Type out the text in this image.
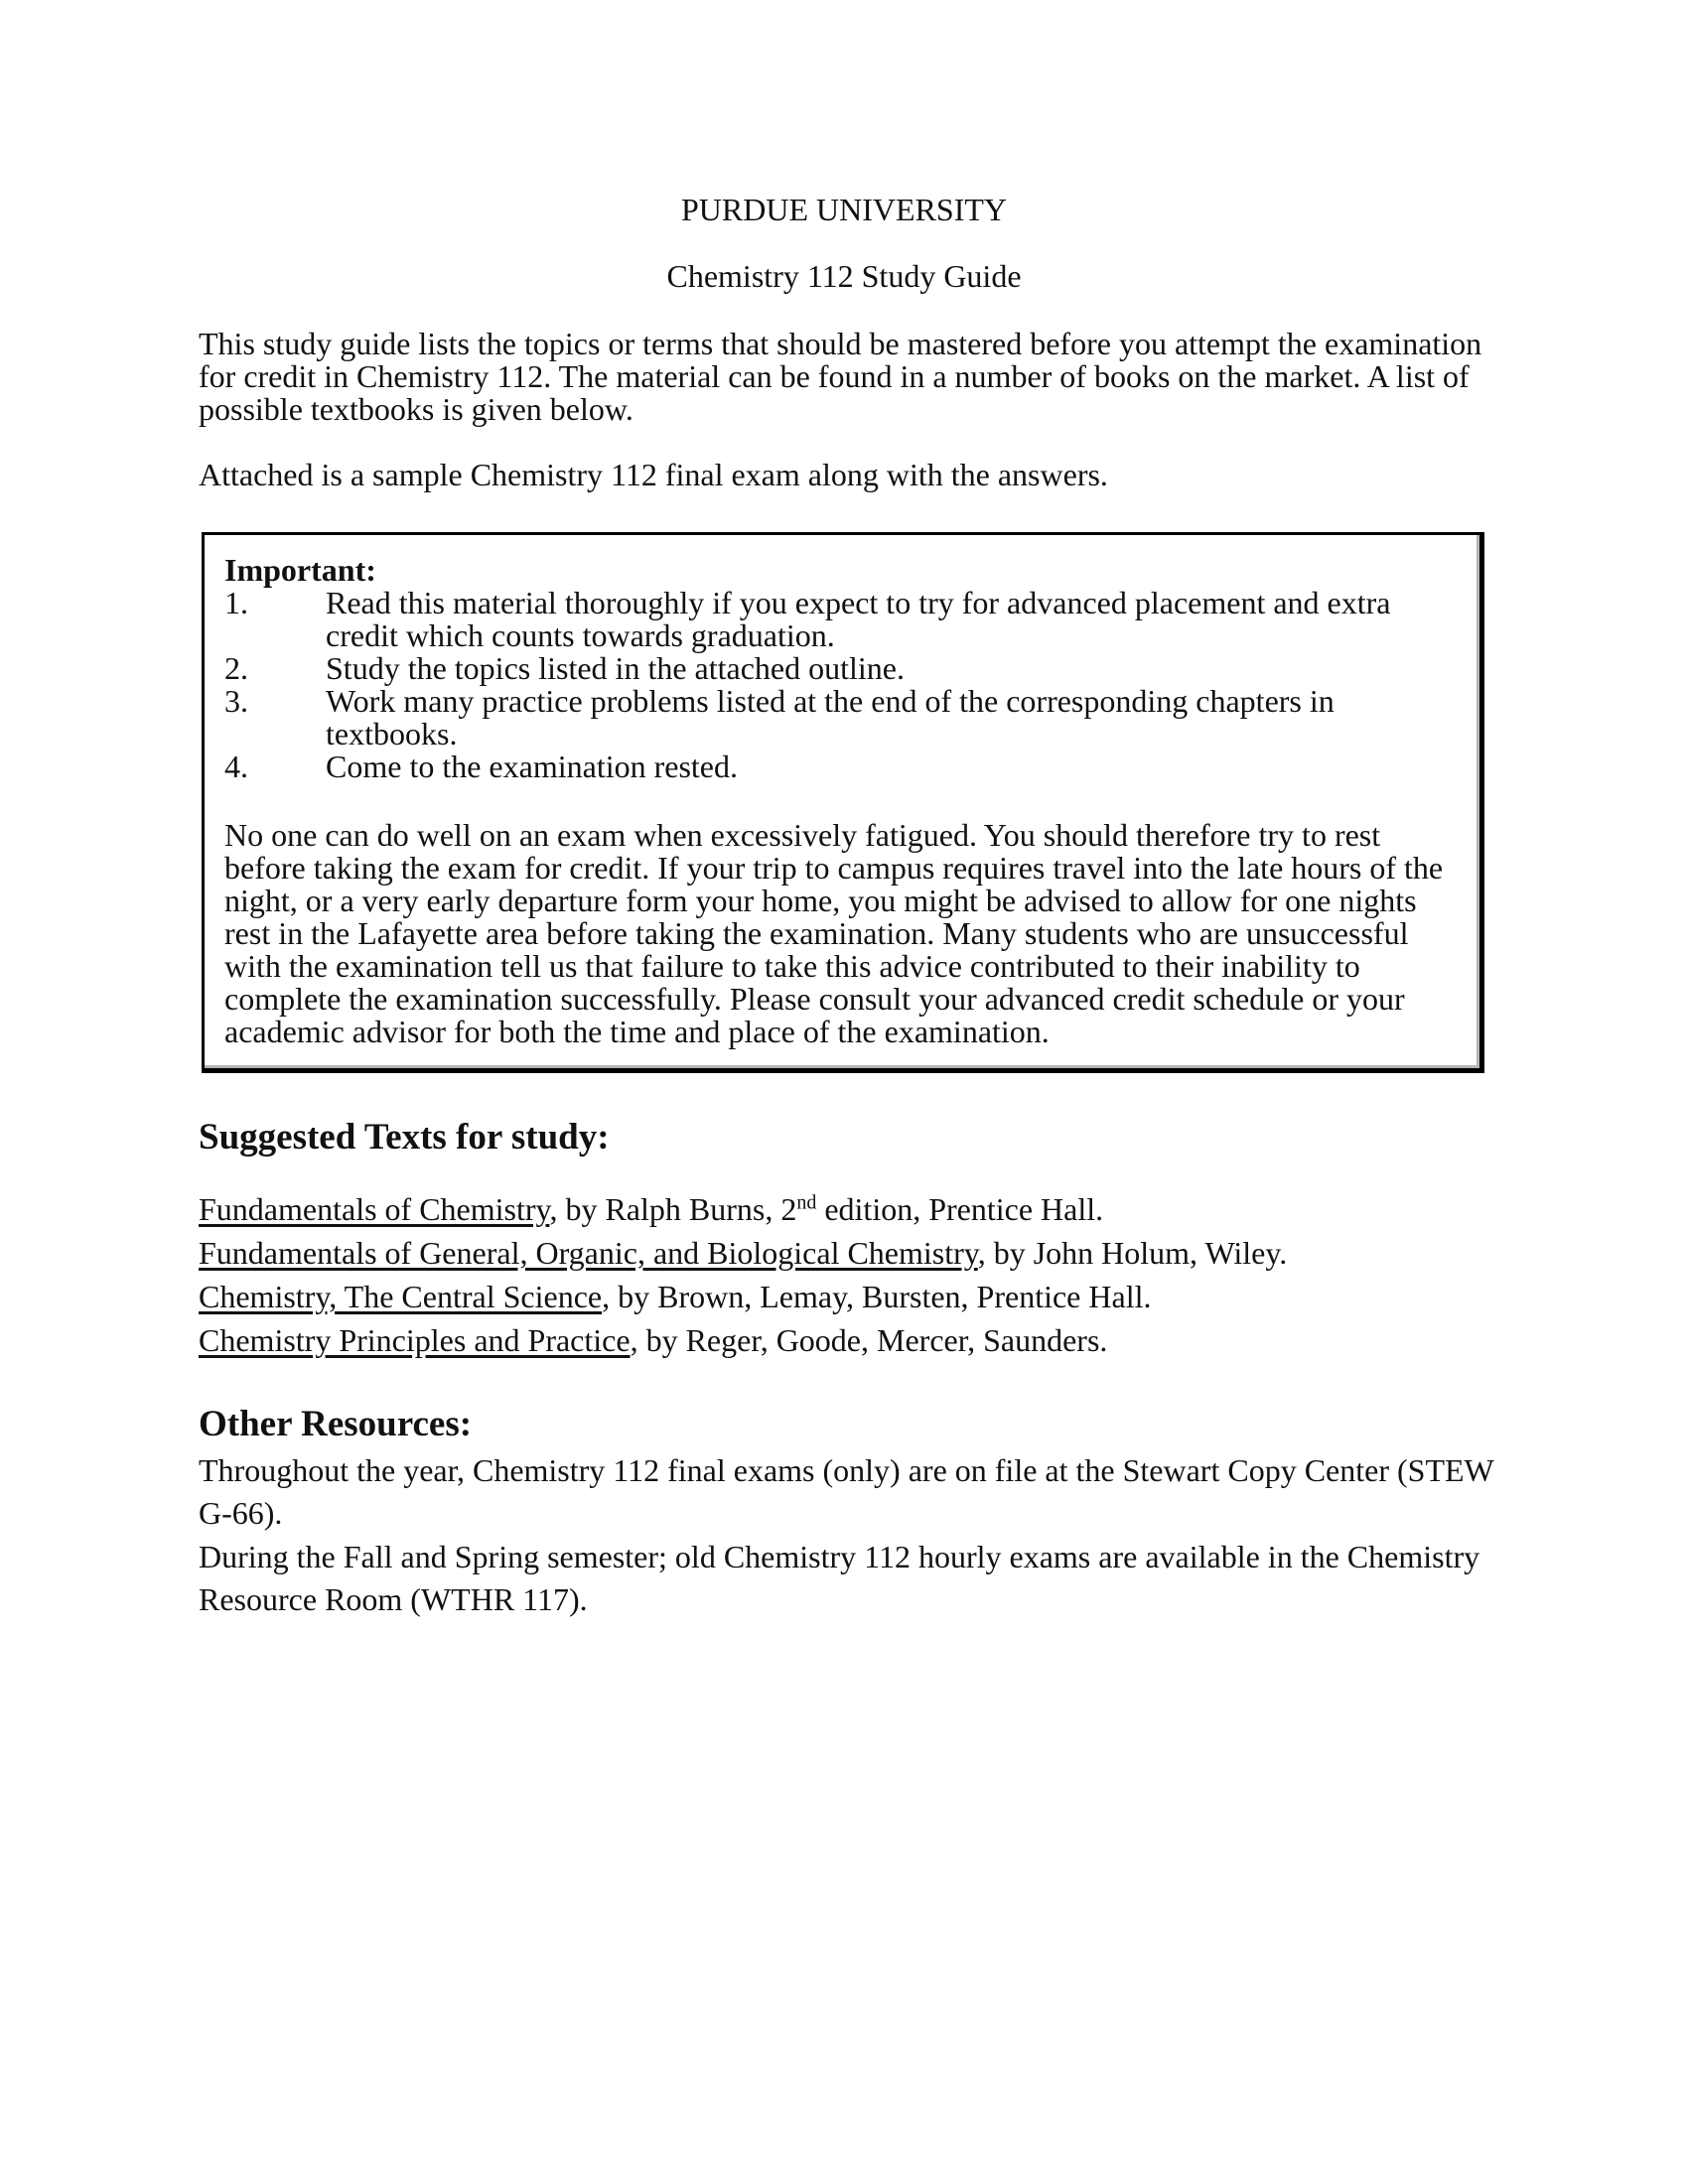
PURDUE UNIVERSITY
Chemistry 112 Study Guide

This study guide lists the topics or terms that should be mastered before you attempt the examination for credit in Chemistry 112. The material can be found in a number of books on the market. A list of possible textbooks is given below.

Attached is a sample Chemistry 112 final exam along with the answers.

Important:

1. Read this material thoroughly if you expect to try for advanced placement and extra credit which counts towards graduation.
2. Study the topics listed in the attached outline.
3. Work many practice problems listed at the end of the corresponding chapters in textbooks.
4. Come to the examination rested.

No one can do well on an exam when excessively fatigued. You should therefore try to rest before taking the exam for credit. If your trip to campus requires travel into the late hours of the night, or a very early departure form your home, you might be advised to allow for one nights rest in the Lafayette area before taking the examination. Many students who are unsuccessful with the examination tell us that failure to take this advice contributed to their inability to complete the examination successfully. Please consult your advanced credit schedule or your academic advisor for both the time and place of the examination.

Suggested Texts for study:
Fundamentals of Chemistry, by Ralph Burns, 2nd edition, Prentice Hall.
Fundamentals of General, Organic, and Biological Chemistry, by John Holum, Wiley.
Chemistry, The Central Science, by Brown, Lemay, Bursten, Prentice Hall.
Chemistry Principles and Practice, by Reger, Goode, Mercer, Saunders.
Other Resources:

Throughout the year, Chemistry 112 final exams (only) are on file at the Stewart Copy Center (STEW G-66).

During the Fall and Spring semester; old Chemistry 112 hourly exams are available in the Chemistry Resource Room (WTHR 117).
